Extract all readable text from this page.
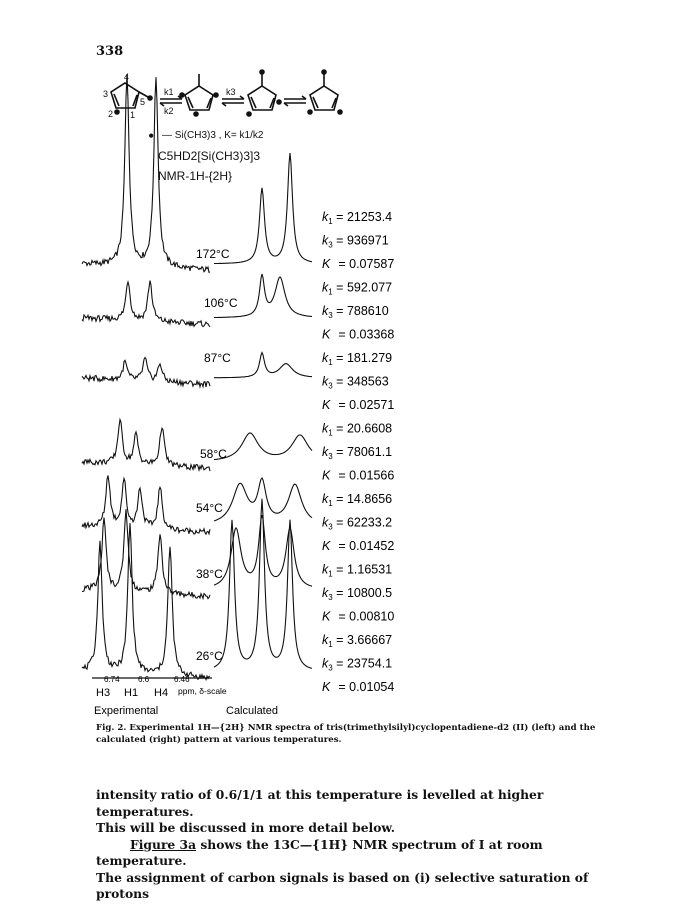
338
4
3
5
2 1
k1
k2
k3
• — Si(CH3)3 , K= k1/k2
C5HD2[Si(CH3)3]3
NMR-1H-{2H}
172°C
106°C
87°C
58°C
54°C
38°C
26°C
$k_1 = 21253.4$
$k_3 = 936971$
K = 0.07587
$k_1 = 592.077$
$k_3 = 788610$
K = 0.03368
$k_1 = 181.279$
$k_3 = 348563$
K = 0.02571
$k_1 = 20.6608$
$k_3 = 78061.1$
K = 0.01566
$k_1 = 14.8656$
$k_3 = 62233.2$
K = 0.01452
$k_1 = 1.16531$
$k_3 = 10800.5$
K = 0.00810
$k_1 = 3.66667$
$k_3 = 23754.1$
K = 0.01054
6.74 6.6	6.46
H3 H1 H4 ppm, δ-scale
Experimental	Calculated
Fig. 2. Experimental 1H—{2H} NMR spectra of tris(trimethylsilyl)cyclopentadiene-d2 (II) (left) and the calculated (right) pattern at various temperatures.

intensity ratio of 0.6/1/1 at this temperature is levelled at higher temperatures.

This will be discussed in more detail below.

Figure 3a shows the 13C—{1H} NMR spectrum of I at room temperature.

The assignment of carbon signals is based on (i) selective saturation of protons
